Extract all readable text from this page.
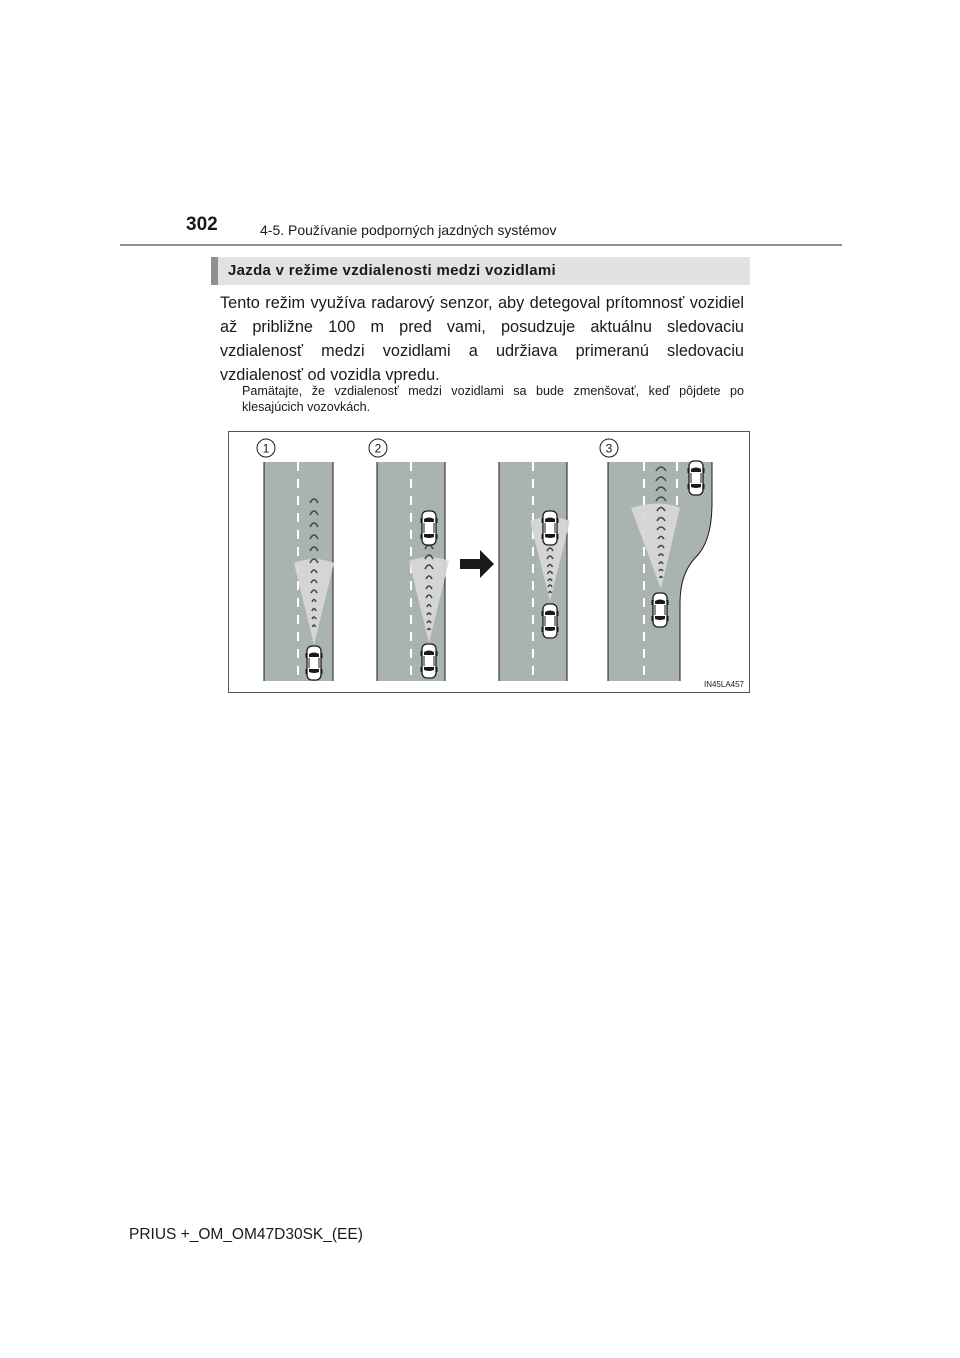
302	4-5. Používanie podporných jazdných systémov
Jazda v režime vzdialenosti medzi vozidlami
Tento režim využíva radarový senzor, aby detegoval prítomnosť vozidiel až približne 100 m pred vami, posudzuje aktuálnu sledovaciu vzdialenosť medzi vozidlami a udržiava primeranú sledovaciu vzdialenosť od vozidla vpredu.
Pamätajte, že vzdialenosť medzi vozidlami sa bude zmenšovať, keď pôjdete po klesajúcich vozovkách.
1	2	3
IN45LA457
PRIUS +_OM_OM47D30SK_(EE)
